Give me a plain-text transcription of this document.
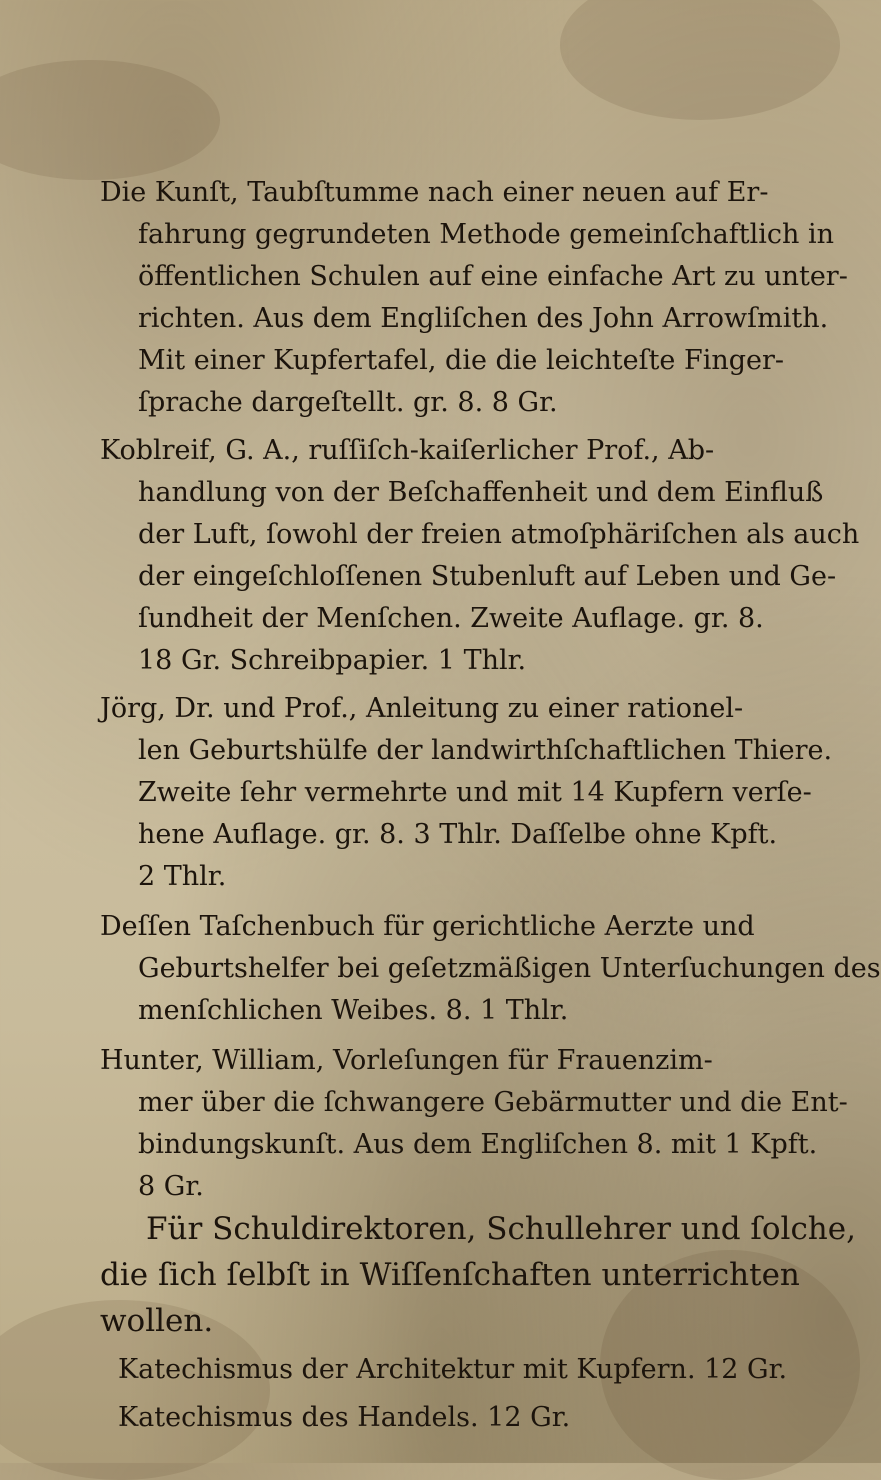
Die Kunſt, Taubſtumme nach einer neuen auf Er-
fahrung gegrundeten Methode gemeinſchaftlich in
öffentlichen Schulen auf eine einfache Art zu unter-
richten. Aus dem Engliſchen des John Arrowſmith.
Mit einer Kupfertafel, die die leichteſte Finger-
ſprache dargeſtellt. gr. 8. 8 Gr.
Koblreif, G. A., ruſſiſch-kaiſerlicher Prof., Ab-
handlung von der Beſchaffenheit und dem Einfluß
der Luft, ſowohl der freien atmoſphäriſchen als auch
der eingeſchloſſenen Stubenluft auf Leben und Ge-
ſundheit der Menſchen. Zweite Auflage. gr. 8.
18 Gr. Schreibpapier. 1 Thlr.
Jörg, Dr. und Prof., Anleitung zu einer rationel-
len Geburtshülfe der landwirthſchaftlichen Thiere.
Zweite ſehr vermehrte und mit 14 Kupfern verſe-
hene Auflage. gr. 8. 3 Thlr. Daſſelbe ohne Kpft.
2 Thlr.
Deſſen Taſchenbuch für gerichtliche Aerzte und
Geburtshelfer bei geſetzmäßigen Unterſuchungen des
menſchlichen Weibes. 8. 1 Thlr.
Hunter, William, Vorleſungen für Frauenzim-
mer über die ſchwangere Gebärmutter und die Ent-
bindungskunſt. Aus dem Engliſchen 8. mit 1 Kpft.
8 Gr.
Für Schuldirektoren, Schullehrer und ſolche,
die ſich ſelbſt in Wiſſenſchaften unterrichten
wollen.
Katechismus der Architektur mit Kupfern. 12 Gr.
Katechismus des Handels. 12 Gr.
